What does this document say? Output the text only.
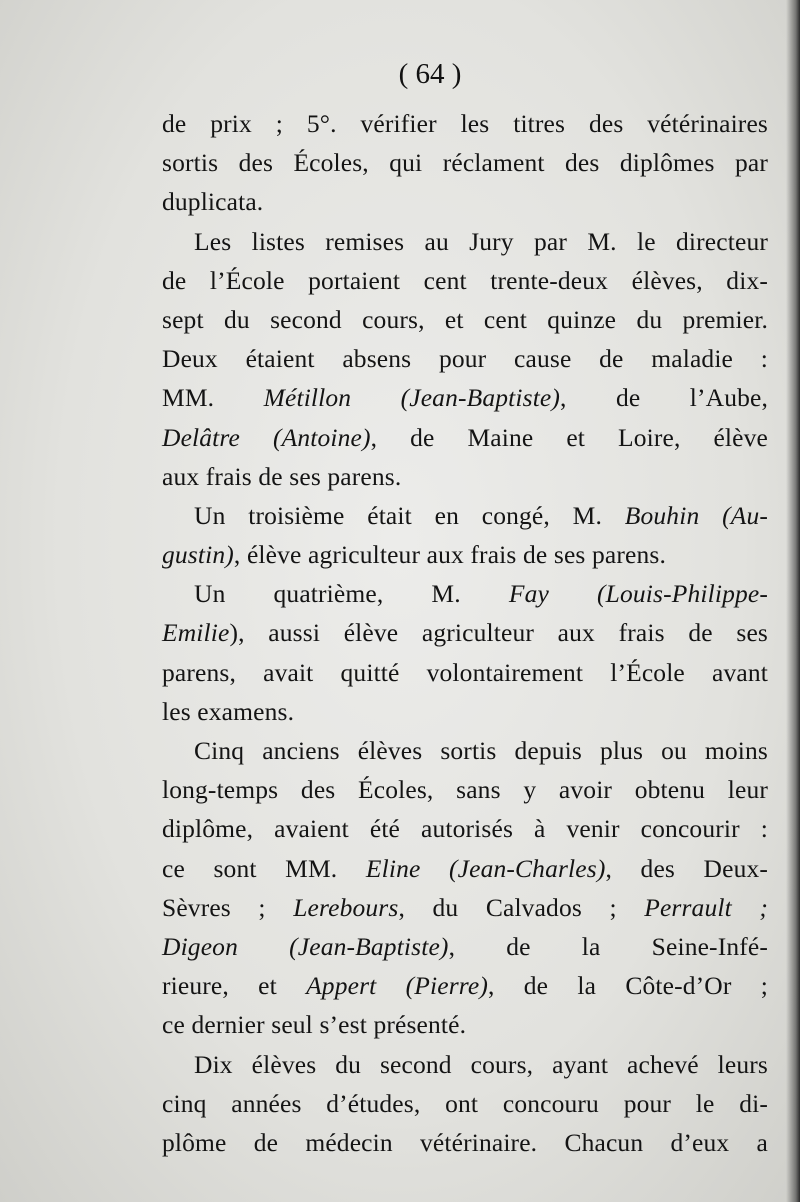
( 64 )
de prix ; 5°. vérifier les titres des vétérinaires
sortis des Écoles, qui réclament des diplômes par
duplicata.
Les listes remises au Jury par M. le directeur
de l’École portaient cent trente-deux élèves, dix-
sept du second cours, et cent quinze du premier.
Deux étaient absens pour cause de maladie :
MM. Métillon (Jean-Baptiste), de l’Aube,
Delâtre (Antoine), de Maine et Loire, élève
aux frais de ses parens.
Un troisième était en congé, M. Bouhin (Au-
gustin), élève agriculteur aux frais de ses parens.
Un quatrième, M. Fay (Louis-Philippe-
Emilie), aussi élève agriculteur aux frais de ses
parens, avait quitté volontairement l’École avant
les examens.
Cinq anciens élèves sortis depuis plus ou moins
long-temps des Écoles, sans y avoir obtenu leur
diplôme, avaient été autorisés à venir concourir :
ce sont MM. Eline (Jean-Charles), des Deux-
Sèvres ; Lerebours, du Calvados ; Perrault ;
Digeon (Jean-Baptiste), de la Seine-Infé-
rieure, et Appert (Pierre), de la Côte-d’Or ;
ce dernier seul s’est présenté.
Dix élèves du second cours, ayant achevé leurs
cinq années d’études, ont concouru pour le di-
plôme de médecin vétérinaire. Chacun d’eux a
